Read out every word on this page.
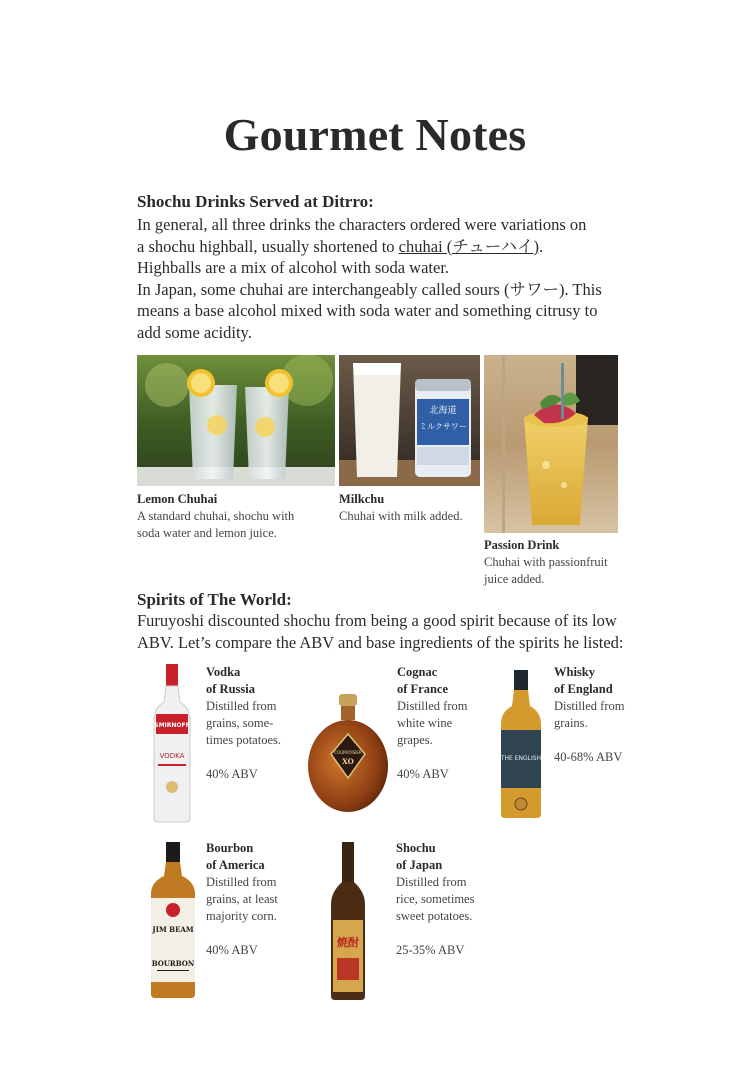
Gourmet Notes
Shochu Drinks Served at Ditrro:
In general, all three drinks the characters ordered were variations on
a shochu highball, usually shortened to chuhai (チューハイ).
Highballs are a mix of alcohol with soda water.
In Japan, some chuhai are interchangeably called sours (サワー). This
means a base alcohol mixed with soda water and something citrusy to
add some acidity.
Lemon Chuhai
A standard chuhai, shochu with
soda water and lemon juice.
北海道
ミルクサワー
Milkchu
Chuhai with milk added.
Passion Drink
Chuhai with passionfruit
juice added.
Spirits of The World:
Furuyoshi discounted shochu from being a good spirit because of its low
ABV. Let’s compare the ABV and base ingredients of the spirits he listed:
SMIRNOFF
VODKA
Vodka
of Russia
Distilled from
grains, some-
times potatoes.
40% ABV
COURVOISIER
XO
Cognac
of France
Distilled from
white wine
grapes.
40% ABV
THE ENGLISH
Whisky
of England
Distilled from
grains.
40-68% ABV
JIM BEAM
BOURBON
Bourbon
of America
Distilled from
grains, at least
majority corn.
40% ABV
焼酎
Shochu
of Japan
Distilled from
rice, sometimes
sweet potatoes.
25-35% ABV
